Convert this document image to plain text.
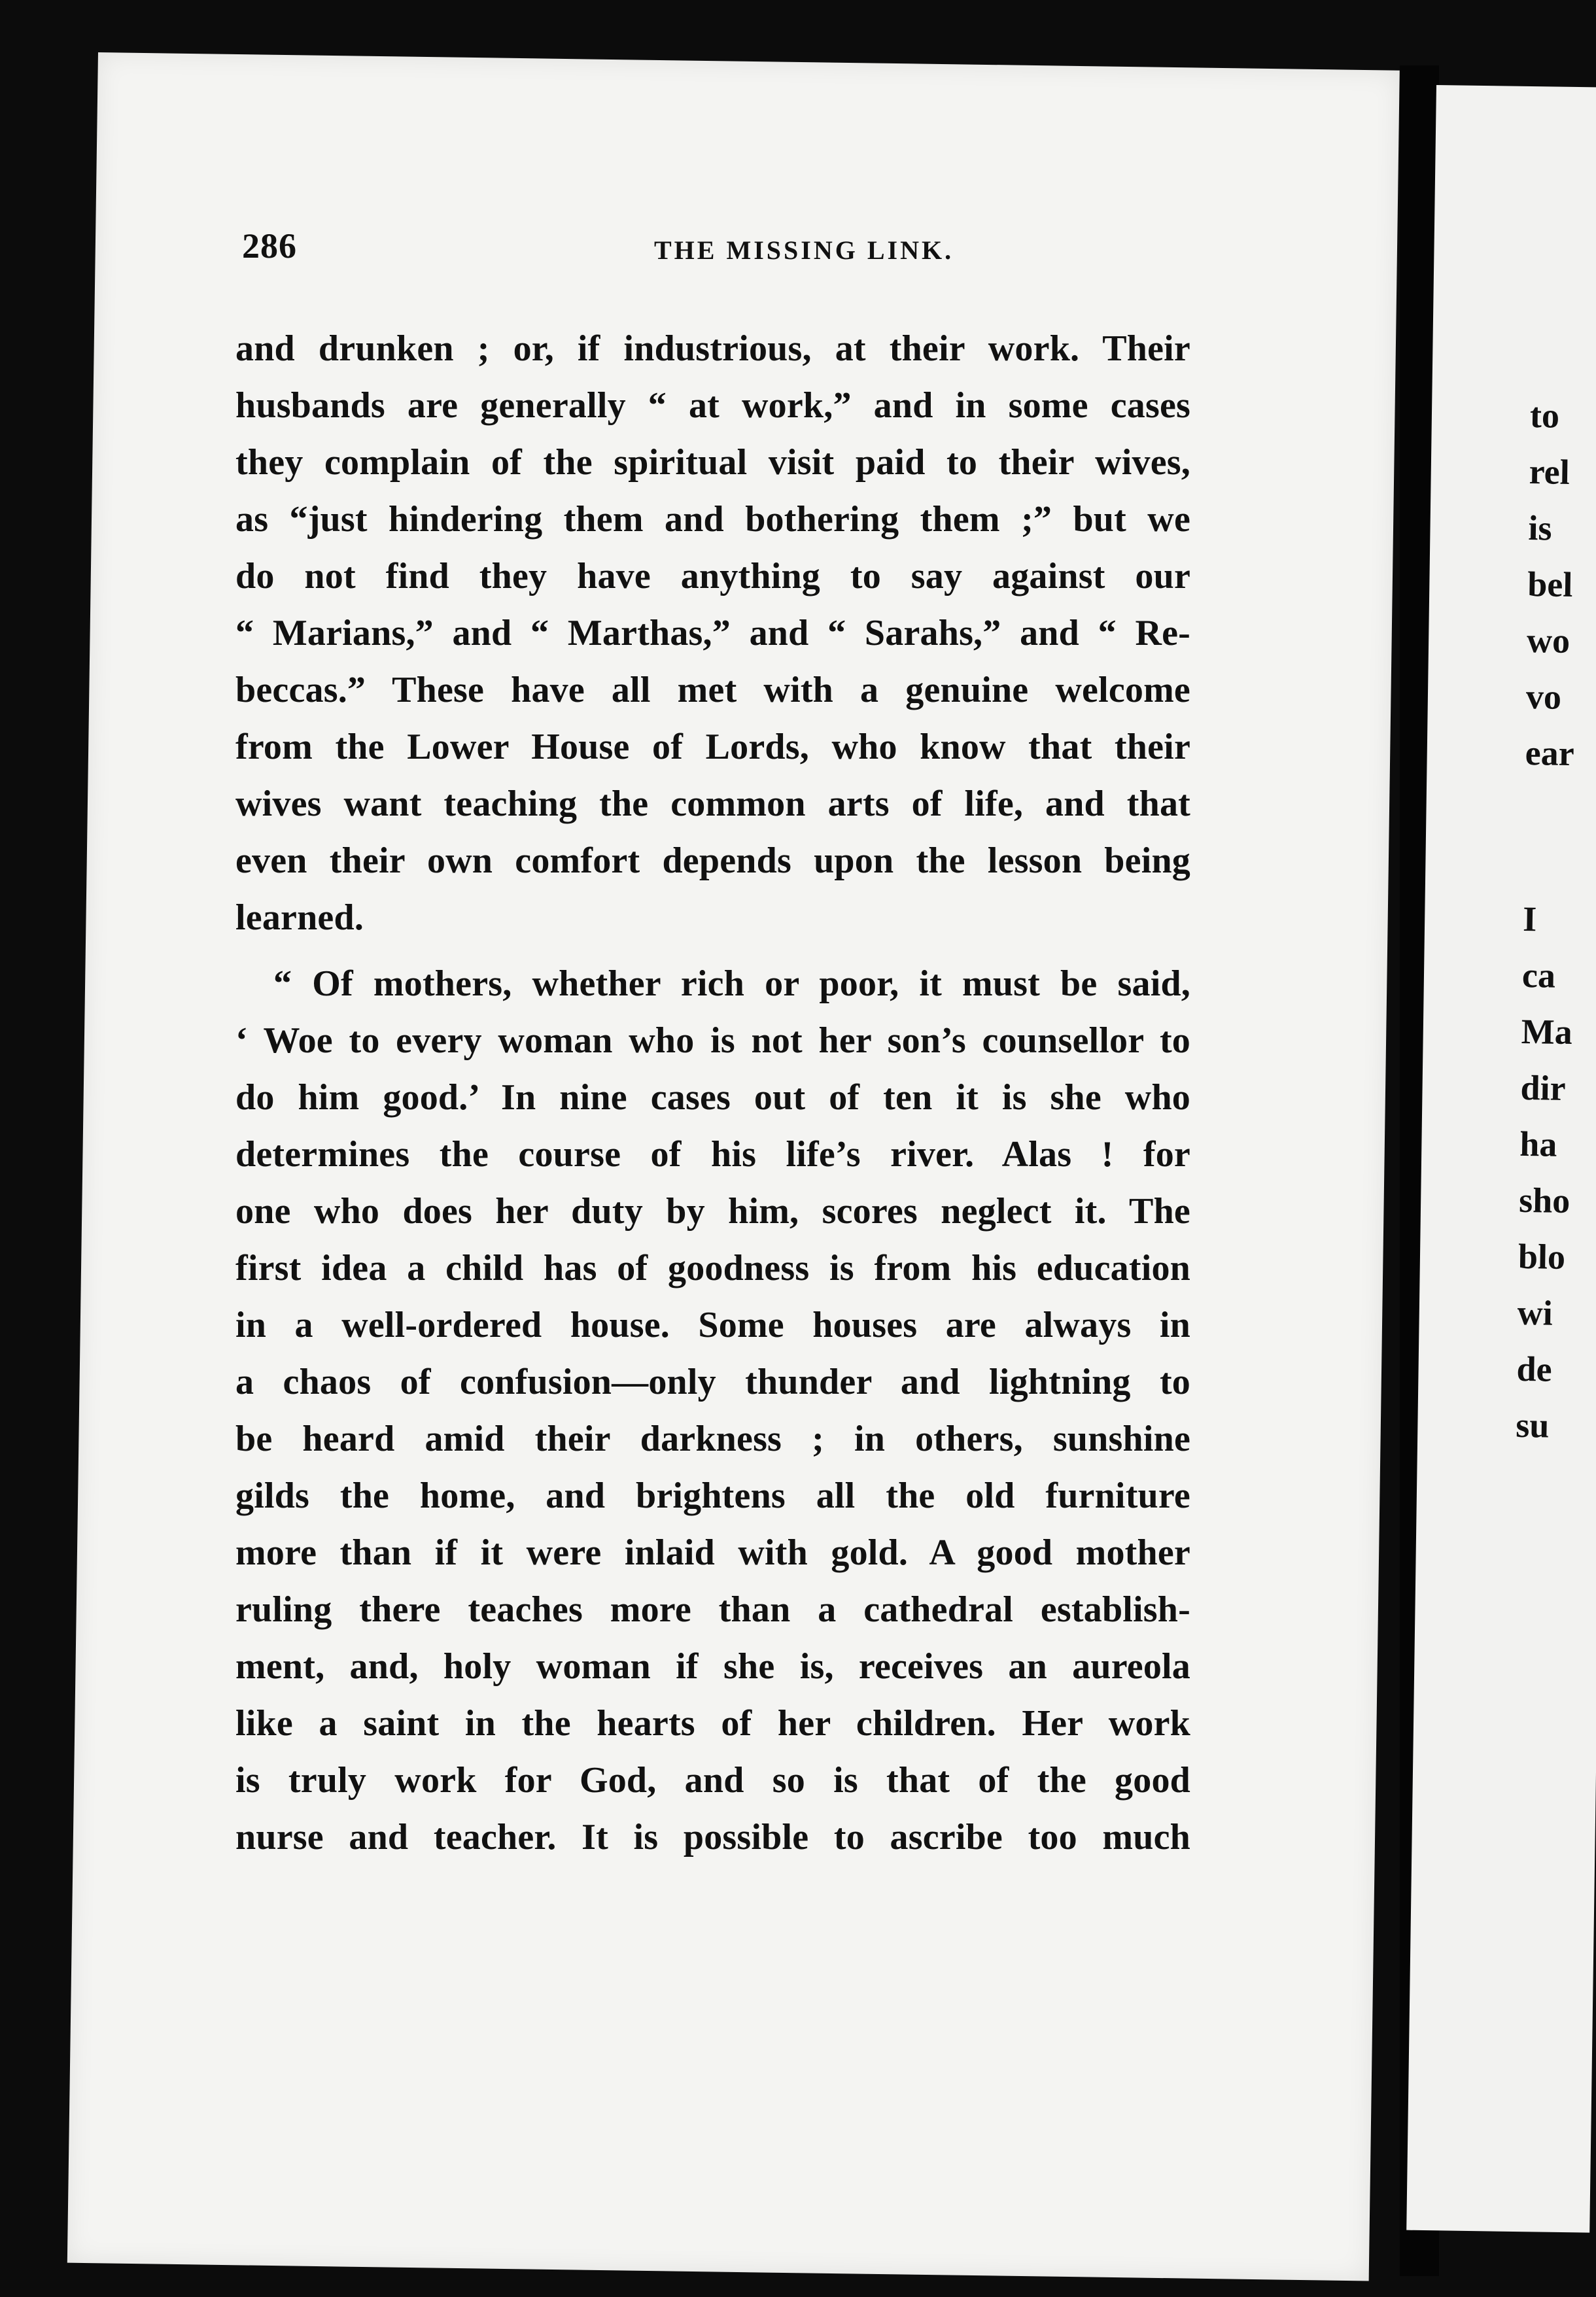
to
rel
is
bel
wo
vo
ear
I
ca
Ma
dir
ha
sho
blo
wi
de
su
286	THE MISSING LINK.
and drunken ; or, if industrious, at their work. Their
husbands are generally “ at work,” and in some cases
they complain of the spiritual visit paid to their wives,
as “just hindering them and bothering them ;” but we
do not find they have anything to say against our
“ Marians,” and “ Marthas,” and “ Sarahs,” and “ Re-
beccas.” These have all met with a genuine welcome
from the Lower House of Lords, who know that their
wives want teaching the common arts of life, and that
even their own comfort depends upon the lesson being
learned.
“ Of mothers, whether rich or poor, it must be said,
‘ Woe to every woman who is not her son’s counsellor to
do him good.’ In nine cases out of ten it is she who
determines the course of his life’s river. Alas ! for
one who does her duty by him, scores neglect it. The
first idea a child has of goodness is from his education
in a well-ordered house. Some houses are always in
a chaos of confusion—only thunder and lightning to
be heard amid their darkness ; in others, sunshine
gilds the home, and brightens all the old furniture
more than if it were inlaid with gold. A good mother
ruling there teaches more than a cathedral establish-
ment, and, holy woman if she is, receives an aureola
like a saint in the hearts of her children. Her work
is truly work for God, and so is that of the good
nurse and teacher. It is possible to ascribe too much
